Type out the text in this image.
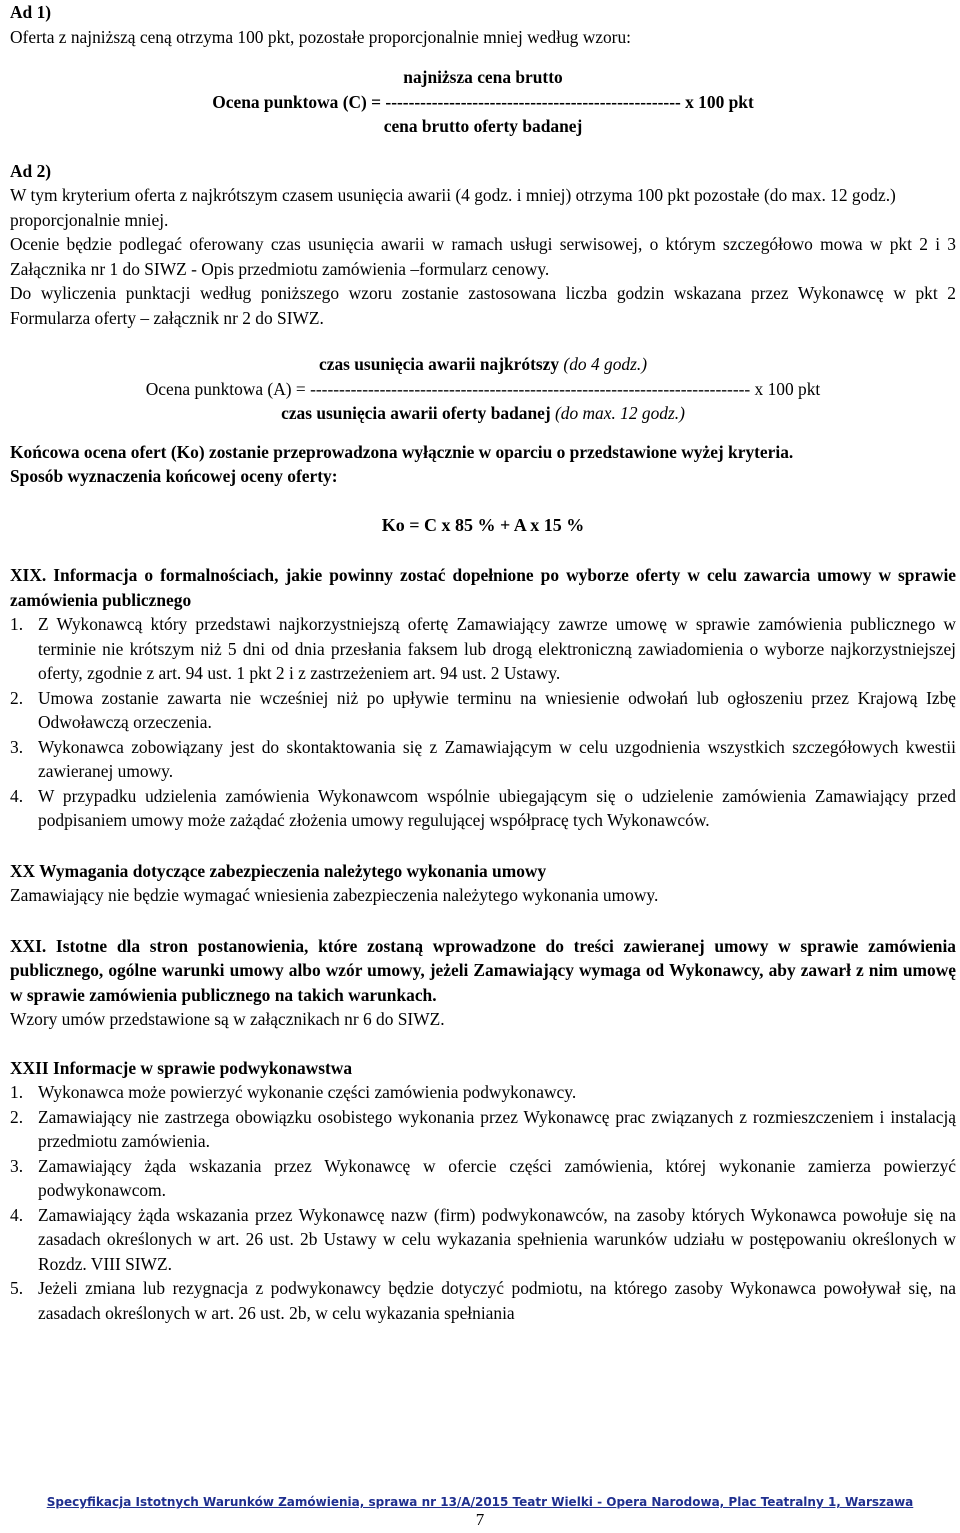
Ad 1)

Oferta z najniższą ceną otrzyma 100 pkt, pozostałe proporcjonalnie mniej według wzoru:

najniższa cena brutto

Ocena punktowa (C) = --------------------------------------------------- x 100 pkt

cena brutto oferty badanej

Ad 2)

W tym kryterium oferta z najkrótszym czasem usunięcia awarii (4 godz. i mniej) otrzyma 100 pkt pozostałe (do max. 12 godz.) proporcjonalnie mniej.

Ocenie będzie podlegać oferowany czas usunięcia awarii w ramach usługi serwisowej, o którym szczegółowo mowa w pkt 2 i 3 Załącznika nr 1 do SIWZ - Opis przedmiotu zamówienia –formularz cenowy.

Do wyliczenia punktacji według poniższego wzoru zostanie zastosowana liczba godzin wskazana przez Wykonawcę w pkt 2 Formularza oferty – załącznik nr 2 do SIWZ.

czas usunięcia awarii najkrótszy (do 4 godz.)

Ocena punktowa (A) = ---------------------------------------------------------------------------- x 100 pkt

czas usunięcia awarii oferty badanej (do max. 12 godz.)

Końcowa ocena ofert (Ko) zostanie przeprowadzona wyłącznie w oparciu o przedstawione wyżej kryteria.

Sposób wyznaczenia końcowej oceny oferty:

Ko = C x 85 % + A x 15 %

XIX. Informacja o formalnościach, jakie powinny zostać dopełnione po wyborze oferty w celu zawarcia umowy w sprawie zamówienia publicznego

1. Z Wykonawcą który przedstawi najkorzystniejszą ofertę Zamawiający zawrze umowę w sprawie zamówienia publicznego w terminie nie krótszym niż 5 dni od dnia przesłania faksem lub drogą elektroniczną zawiadomienia o wyborze najkorzystniejszej oferty, zgodnie z art. 94 ust. 1 pkt 2 i z zastrzeżeniem art. 94 ust. 2 Ustawy.
2. Umowa zostanie zawarta nie wcześniej niż po upływie terminu na wniesienie odwołań lub ogłoszeniu przez Krajową Izbę Odwoławczą orzeczenia.
3. Wykonawca zobowiązany jest do skontaktowania się z Zamawiającym w celu uzgodnienia wszystkich szczegółowych kwestii zawieranej umowy.
4. W przypadku udzielenia zamówienia Wykonawcom wspólnie ubiegającym się o udzielenie zamówienia Zamawiający przed podpisaniem umowy może zażądać złożenia umowy regulującej współpracę tych Wykonawców.

XX Wymagania dotyczące zabezpieczenia należytego wykonania umowy

Zamawiający nie będzie wymagać wniesienia zabezpieczenia należytego wykonania umowy.

XXI. Istotne dla stron postanowienia, które zostaną wprowadzone do treści zawieranej umowy w sprawie zamówienia publicznego, ogólne warunki umowy albo wzór umowy, jeżeli Zamawiający wymaga od Wykonawcy, aby zawarł z nim umowę w sprawie zamówienia publicznego na takich warunkach.

Wzory umów przedstawione są w załącznikach nr 6 do SIWZ.

XXII Informacje w sprawie podwykonawstwa

1. Wykonawca może powierzyć wykonanie części zamówienia podwykonawcy.
2. Zamawiający nie zastrzega obowiązku osobistego wykonania przez Wykonawcę prac związanych z rozmieszczeniem i instalacją przedmiotu zamówienia.
3. Zamawiający żąda wskazania przez Wykonawcę w ofercie części zamówienia, której wykonanie zamierza powierzyć podwykonawcom.
4. Zamawiający żąda wskazania przez Wykonawcę nazw (firm) podwykonawców, na zasoby których Wykonawca powołuje się na zasadach określonych w art. 26 ust. 2b Ustawy w celu wykazania spełnienia warunków udziału w postępowaniu określonych w Rozdz. VIII SIWZ.
5. Jeżeli zmiana lub rezygnacja z podwykonawcy będzie dotyczyć podmiotu, na którego zasoby Wykonawca powoływał się, na zasadach określonych w art. 26 ust. 2b, w celu wykazania spełniania
Specyfikacja Istotnych Warunków Zamówienia, sprawa nr 13/A/2015 Teatr Wielki - Opera Narodowa, Plac Teatralny 1, Warszawa
7
